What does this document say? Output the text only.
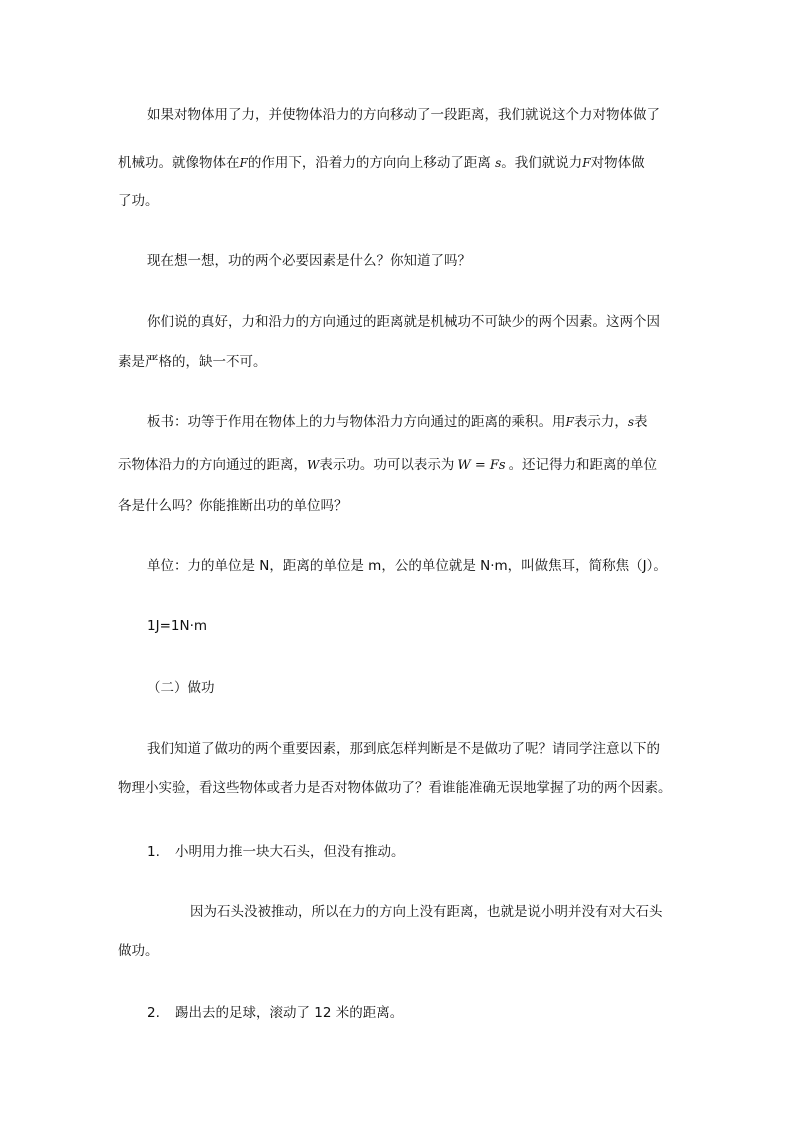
如果对物体用了力，并使物体沿力的方向移动了一段距离，我们就说这个力对物体做了
机械功。就像物体在F的作用下，沿着力的方向向上移动了距离 s。我们就说力F对物体做
了功。
现在想一想，功的两个必要因素是什么？你知道了吗？
你们说的真好，力和沿力的方向通过的距离就是机械功不可缺少的两个因素。这两个因
素是严格的，缺一不可。
板书：功等于作用在物体上的力与物体沿力方向通过的距离的乘积。用F表示力，s表
示物体沿力的方向通过的距离，W表示功。功可以表示为 W = Fs 。还记得力和距离的单位
各是什么吗？你能推断出功的单位吗？
单位：力的单位是 N，距离的单位是 m，公的单位就是 N·m，叫做焦耳，简称焦（J）。
1J=1N·m
（二）做功
我们知道了做功的两个重要因素，那到底怎样判断是不是做功了呢？请同学注意以下的
物理小实验，看这些物体或者力是否对物体做功了？看谁能准确无误地掌握了功的两个因素。
1. 小明用力推一块大石头，但没有推动。
因为石头没被推动，所以在力的方向上没有距离，也就是说小明并没有对大石头
做功。
2. 踢出去的足球，滚动了 12 米的距离。
